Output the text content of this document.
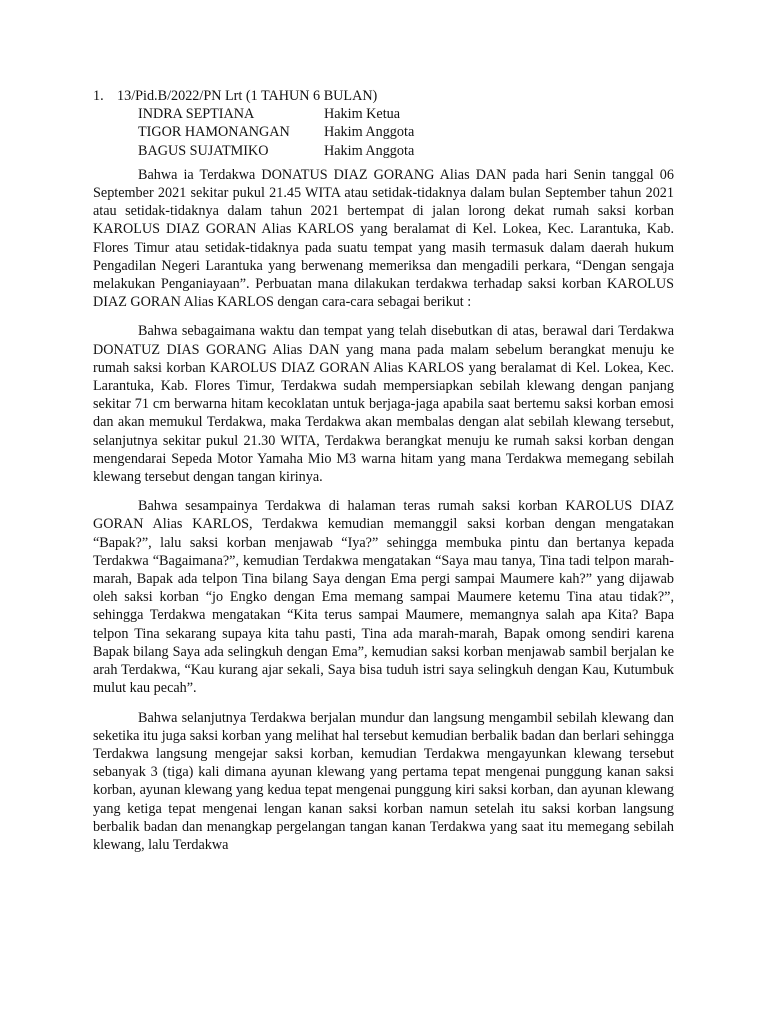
1. 13/Pid.B/2022/PN Lrt (1 TAHUN 6 BULAN)
INDRA SEPTIANA	Hakim Ketua
TIGOR HAMONANGAN	Hakim Anggota
BAGUS SUJATMIKO	Hakim Anggota

Bahwa ia Terdakwa DONATUS DIAZ GORANG Alias DAN pada hari Senin tanggal 06 September 2021 sekitar pukul 21.45 WITA atau setidak-tidaknya dalam bulan September tahun 2021 atau setidak-tidaknya dalam tahun 2021 bertempat di jalan lorong dekat rumah saksi korban KAROLUS DIAZ GORAN Alias KARLOS yang beralamat di Kel. Lokea, Kec. Larantuka, Kab. Flores Timur atau setidak-tidaknya pada suatu tempat yang masih termasuk dalam daerah hukum Pengadilan Negeri Larantuka yang berwenang memeriksa dan mengadili perkara, “Dengan sengaja melakukan Penganiayaan”. Perbuatan mana dilakukan terdakwa terhadap saksi korban KAROLUS DIAZ GORAN Alias KARLOS dengan cara-cara sebagai berikut :

Bahwa sebagaimana waktu dan tempat yang telah disebutkan di atas, berawal dari Terdakwa DONATUZ DIAS GORANG Alias DAN yang mana pada malam sebelum berangkat menuju ke rumah saksi korban KAROLUS DIAZ GORAN Alias KARLOS yang beralamat di Kel. Lokea, Kec. Larantuka, Kab. Flores Timur, Terdakwa sudah mempersiapkan sebilah klewang dengan panjang sekitar 71 cm berwarna hitam kecoklatan untuk berjaga-jaga apabila saat bertemu saksi korban emosi dan akan memukul Terdakwa, maka Terdakwa akan membalas dengan alat sebilah klewang tersebut, selanjutnya sekitar pukul 21.30 WITA, Terdakwa berangkat menuju ke rumah saksi korban dengan mengendarai Sepeda Motor Yamaha Mio M3 warna hitam yang mana Terdakwa memegang sebilah klewang tersebut dengan tangan kirinya.

Bahwa sesampainya Terdakwa di halaman teras rumah saksi korban KAROLUS DIAZ GORAN Alias KARLOS, Terdakwa kemudian memanggil saksi korban dengan mengatakan “Bapak?”, lalu saksi korban menjawab “Iya?” sehingga membuka pintu dan bertanya kepada Terdakwa “Bagaimana?”, kemudian Terdakwa mengatakan “Saya mau tanya, Tina tadi telpon marah-marah, Bapak ada telpon Tina bilang Saya dengan Ema pergi sampai Maumere kah?” yang dijawab oleh saksi korban “jo Engko dengan Ema memang sampai Maumere ketemu Tina atau tidak?”, sehingga Terdakwa mengatakan “Kita terus sampai Maumere, memangnya salah apa Kita? Bapa telpon Tina sekarang supaya kita tahu pasti, Tina ada marah-marah, Bapak omong sendiri karena Bapak bilang Saya ada selingkuh dengan Ema”, kemudian saksi korban menjawab sambil berjalan ke arah Terdakwa, “Kau kurang ajar sekali, Saya bisa tuduh istri saya selingkuh dengan Kau, Kutumbuk mulut kau pecah”.

Bahwa selanjutnya Terdakwa berjalan mundur dan langsung mengambil sebilah klewang dan seketika itu juga saksi korban yang melihat hal tersebut kemudian berbalik badan dan berlari sehingga Terdakwa langsung mengejar saksi korban, kemudian Terdakwa mengayunkan klewang tersebut sebanyak 3 (tiga) kali dimana ayunan klewang yang pertama tepat mengenai punggung kanan saksi korban, ayunan klewang yang kedua tepat mengenai punggung kiri saksi korban, dan ayunan klewang yang ketiga tepat mengenai lengan kanan saksi korban namun setelah itu saksi korban langsung berbalik badan dan menangkap pergelangan tangan kanan Terdakwa yang saat itu memegang sebilah klewang, lalu Terdakwa
